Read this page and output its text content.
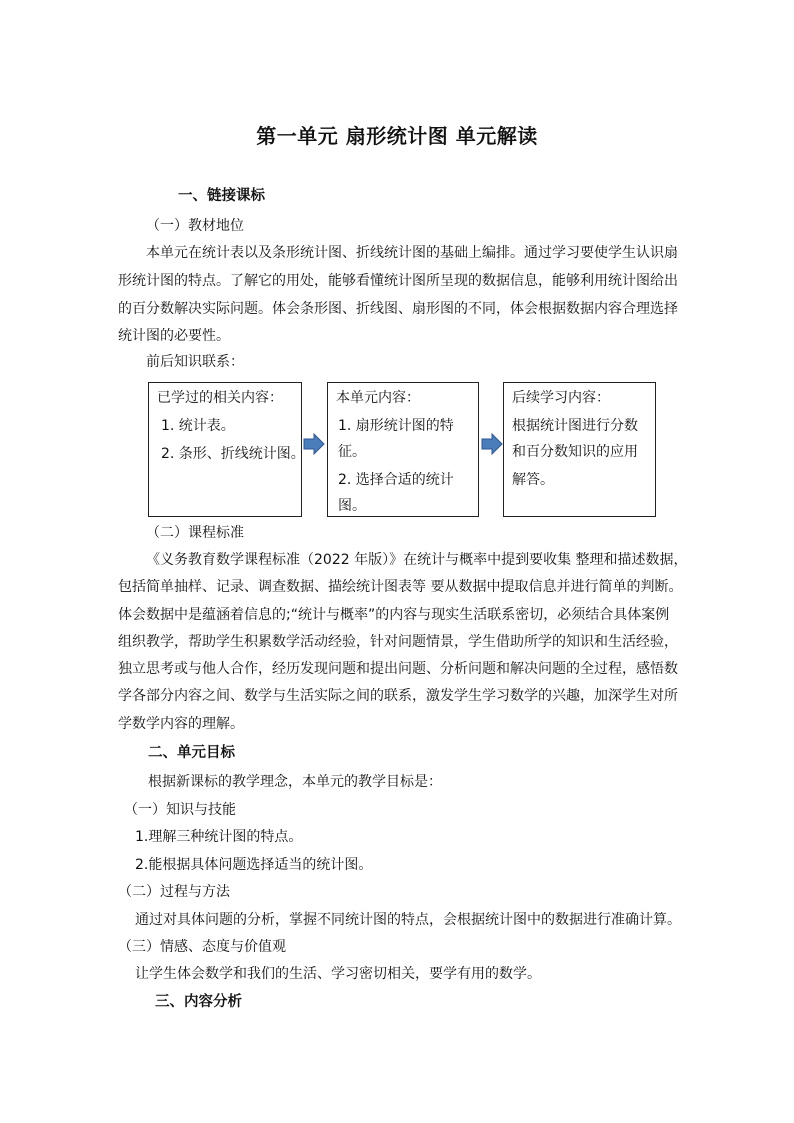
第一单元 扇形统计图 单元解读
一、链接课标
（一）教材地位
本单元在统计表以及条形统计图、折线统计图的基础上编排。通过学习要使学生认识扇
形统计图的特点。了解它的用处，能够看懂统计图所呈现的数据信息，能够利用统计图给出
的百分数解决实际问题。体会条形图、折线图、扇形图的不同，体会根据数据内容合理选择
统计图的必要性。
前后知识联系：
已学过的相关内容：
1. 统计表。
2. 条形、折线统计图。
本单元内容：
1. 扇形统计图的特
征。
2. 选择合适的统计
图。
后续学习内容：
根据统计图进行分数
和百分数知识的应用
解答。
（二）课程标准
《义务教育数学课程标准（2022 年版）》在统计与概率中提到要收集 整理和描述数据，
包括简单抽样、记录、调查数据、描绘统计图表等 要从数据中提取信息并进行简单的判断。
体会数据中是蕴涵着信息的;“统计与概率”的内容与现实生活联系密切，必须结合具体案例
组织教学，帮助学生积累数学活动经验，针对问题情景，学生借助所学的知识和生活经验，
独立思考或与他人合作，经历发现问题和提出问题、分析问题和解决问题的全过程，感悟数
学各部分内容之间、数学与生活实际之间的联系，激发学生学习数学的兴趣，加深学生对所
学数学内容的理解。
二、单元目标
根据新课标的教学理念，本单元的教学目标是：
（一）知识与技能
1.理解三种统计图的特点。
2.能根据具体问题选择适当的统计图。
（二）过程与方法
通过对具体问题的分析，掌握不同统计图的特点，会根据统计图中的数据进行准确计算。
（三）情感、态度与价值观
让学生体会数学和我们的生活、学习密切相关，要学有用的数学。
三、内容分析
